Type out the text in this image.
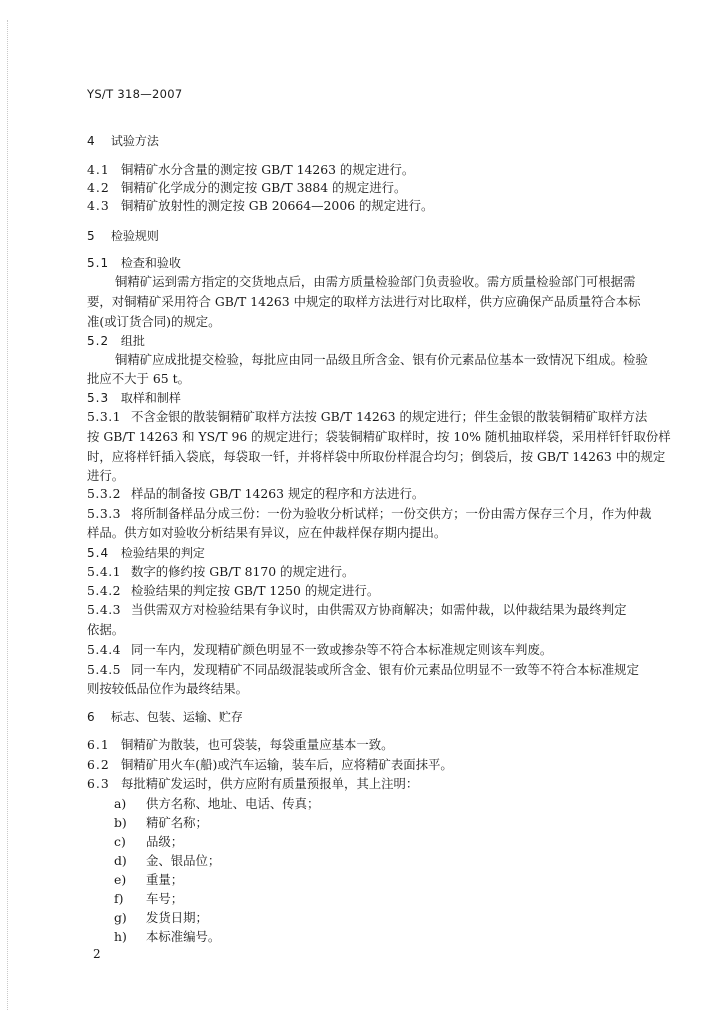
YS/T 318—2007
4 试验方法
4.1 铜精矿水分含量的测定按 GB/T 14263 的规定进行。
4.2 铜精矿化学成分的测定按 GB/T 3884 的规定进行。
4.3 铜精矿放射性的测定按 GB 20664—2006 的规定进行。
5 检验规则
5.1 检查和验收
铜精矿运到需方指定的交货地点后，由需方质量检验部门负责验收。需方质量检验部门可根据需
要，对铜精矿采用符合 GB/T 14263 中规定的取样方法进行对比取样，供方应确保产品质量符合本标
准(或订货合同)的规定。
5.2 组批
铜精矿应成批提交检验，每批应由同一品级且所含金、银有价元素品位基本一致情况下组成。检验
批应不大于 65 t。
5.3 取样和制样
5.3.1 不含金银的散装铜精矿取样方法按 GB/T 14263 的规定进行；伴生金银的散装铜精矿取样方法
按 GB/T 14263 和 YS/T 96 的规定进行；袋装铜精矿取样时，按 10% 随机抽取样袋，采用样钎钎取份样
时，应将样钎插入袋底，每袋取一钎，并将样袋中所取份样混合均匀；倒袋后，按 GB/T 14263 中的规定
进行。
5.3.2 样品的制备按 GB/T 14263 规定的程序和方法进行。
5.3.3 将所制备样品分成三份：一份为验收分析试样；一份交供方；一份由需方保存三个月，作为仲裁
样品。供方如对验收分析结果有异议，应在仲裁样保存期内提出。
5.4 检验结果的判定
5.4.1 数字的修约按 GB/T 8170 的规定进行。
5.4.2 检验结果的判定按 GB/T 1250 的规定进行。
5.4.3 当供需双方对检验结果有争议时，由供需双方协商解决；如需仲裁，以仲裁结果为最终判定
依据。
5.4.4 同一车内，发现精矿颜色明显不一致或掺杂等不符合本标准规定则该车判废。
5.4.5 同一车内，发现精矿不同品级混装或所含金、银有价元素品位明显不一致等不符合本标准规定
则按较低品位作为最终结果。
6 标志、包装、运输、贮存
6.1 铜精矿为散装，也可袋装，每袋重量应基本一致。
6.2 铜精矿用火车(船)或汽车运输，装车后，应将精矿表面抹平。
6.3 每批精矿发运时，供方应附有质量预报单，其上注明：
a) 供方名称、地址、电话、传真；
b) 精矿名称；
c) 品级；
d) 金、银品位；
e) 重量；
f) 车号；
g) 发货日期；
h) 本标准编号。
2
